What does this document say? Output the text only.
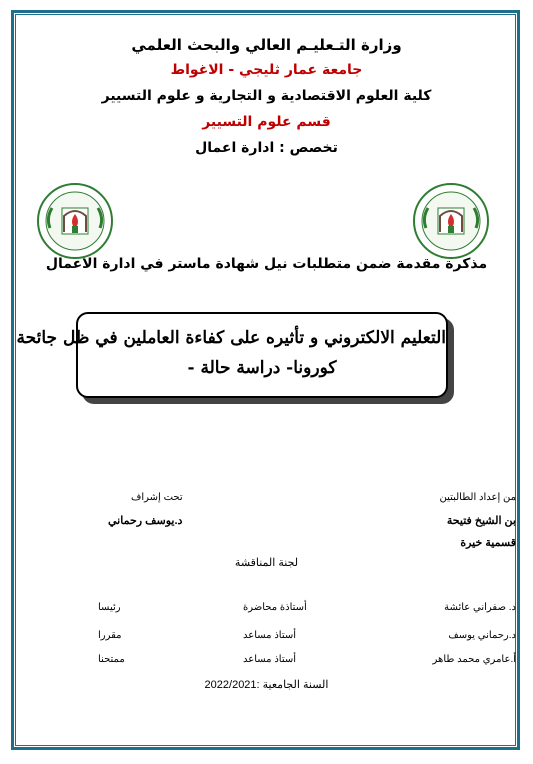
وزارة التـعليـم العالي والبحث العلمي
جامعة عمار ثليجي - الاغواط
كلية العلوم الاقتصادية و التجارية و علوم التسيير
قسم علوم التسيير
تخصص : ادارة اعمال
مذكرة مقدمة ضمن متطلبات نيل شهادة ماستر في ادارة الاعمال
التعليم الالكتروني و تأثيره على كفاءة العاملين في ظل جائحة
كورونا- دراسة حالة -
من إعداد الطالبتين
بن الشيخ فتيحة
قسمية خيرة
تحت إشراف
د.يوسف رحماني
لجنة المناقشة
د. صفراني عائشة
أستاذة محاضرة
رئيسا
د.رحماني يوسف
أستاذ مساعد
مقررا
أ.عامري محمد طاهر
أستاذ مساعد
ممتحنا
السنة الجامعية :2022/2021
